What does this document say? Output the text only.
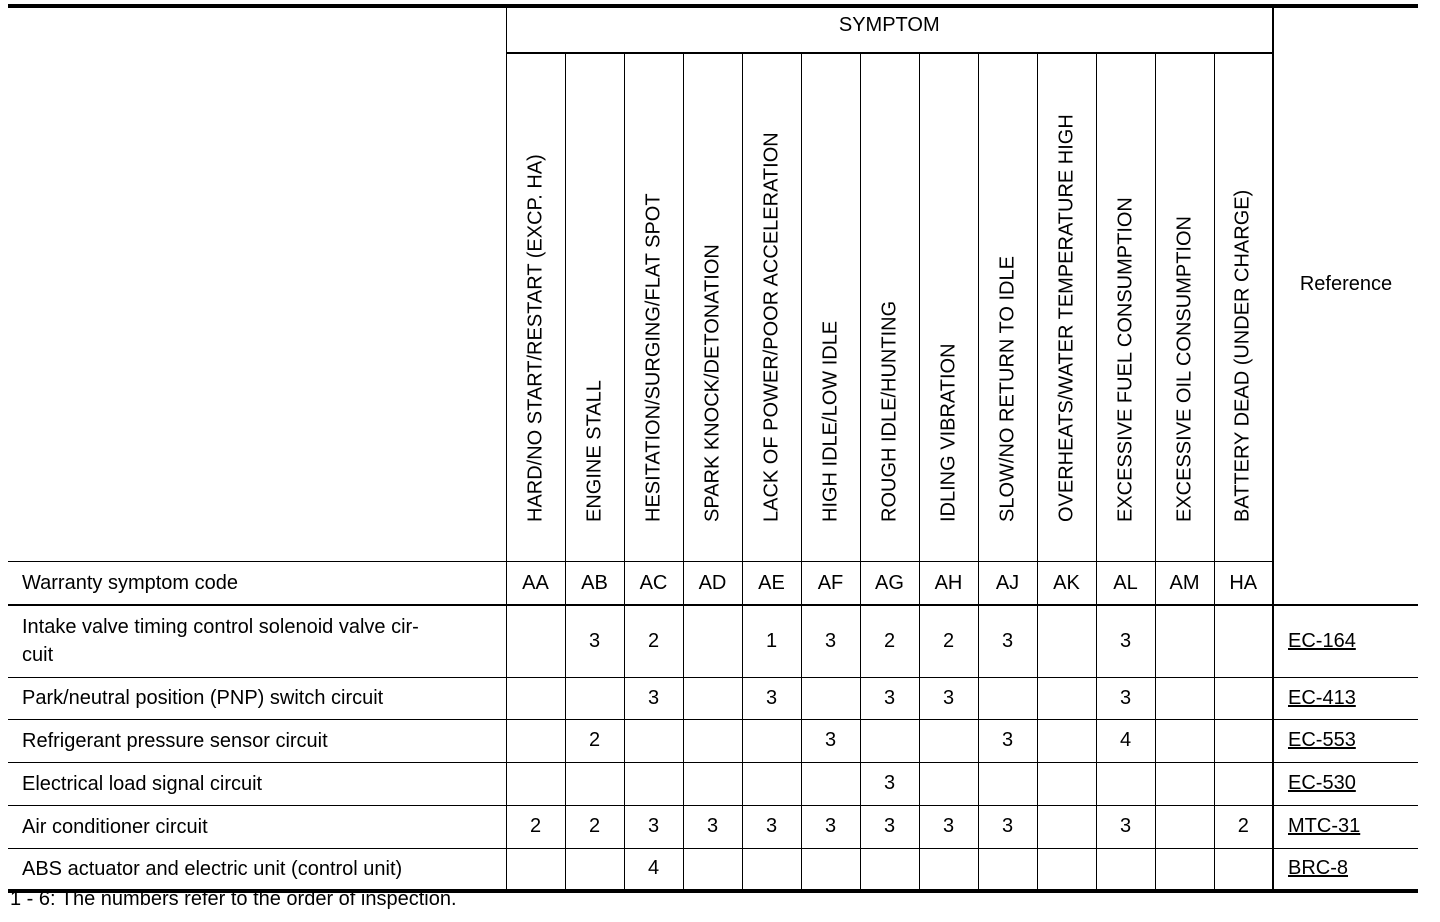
	SYMPTOM													Reference

	HARD/NO START/RESTART (EXCP. HA)	ENGINE STALL	HESITATION/SURGING/FLAT SPOT	SPARK KNOCK/DETONATION	LACK OF POWER/POOR ACCELERATION	HIGH IDLE/LOW IDLE	ROUGH IDLE/HUNTING	IDLING VIBRATION	SLOW/NO RETURN TO IDLE	OVERHEATS/WATER TEMPERATURE HIGH	EXCESSIVE FUEL CONSUMPTION	EXCESSIVE OIL CONSUMPTION	BATTERY DEAD (UNDER CHARGE)	

Warranty symptom code	AA	AB	AC	AD	AE	AF	AG	AH	AJ	AK	AL	AM	HA	
Intake valve timing control solenoid valve cir-
cuit		3	2		1	3	2	2	3		3			EC-164
Park/neutral position (PNP) switch circuit			3		3		3	3			3			EC-413
Refrigerant pressure sensor circuit		2				3			3		4			EC-553
Electrical load signal circuit							3							EC-530
Air conditioner circuit	2	2	3	3	3	3	3	3	3		3		2	MTC-31
ABS actuator and electric unit (control unit)			4											BRC-8
1 - 6: The numbers refer to the order of inspection.
